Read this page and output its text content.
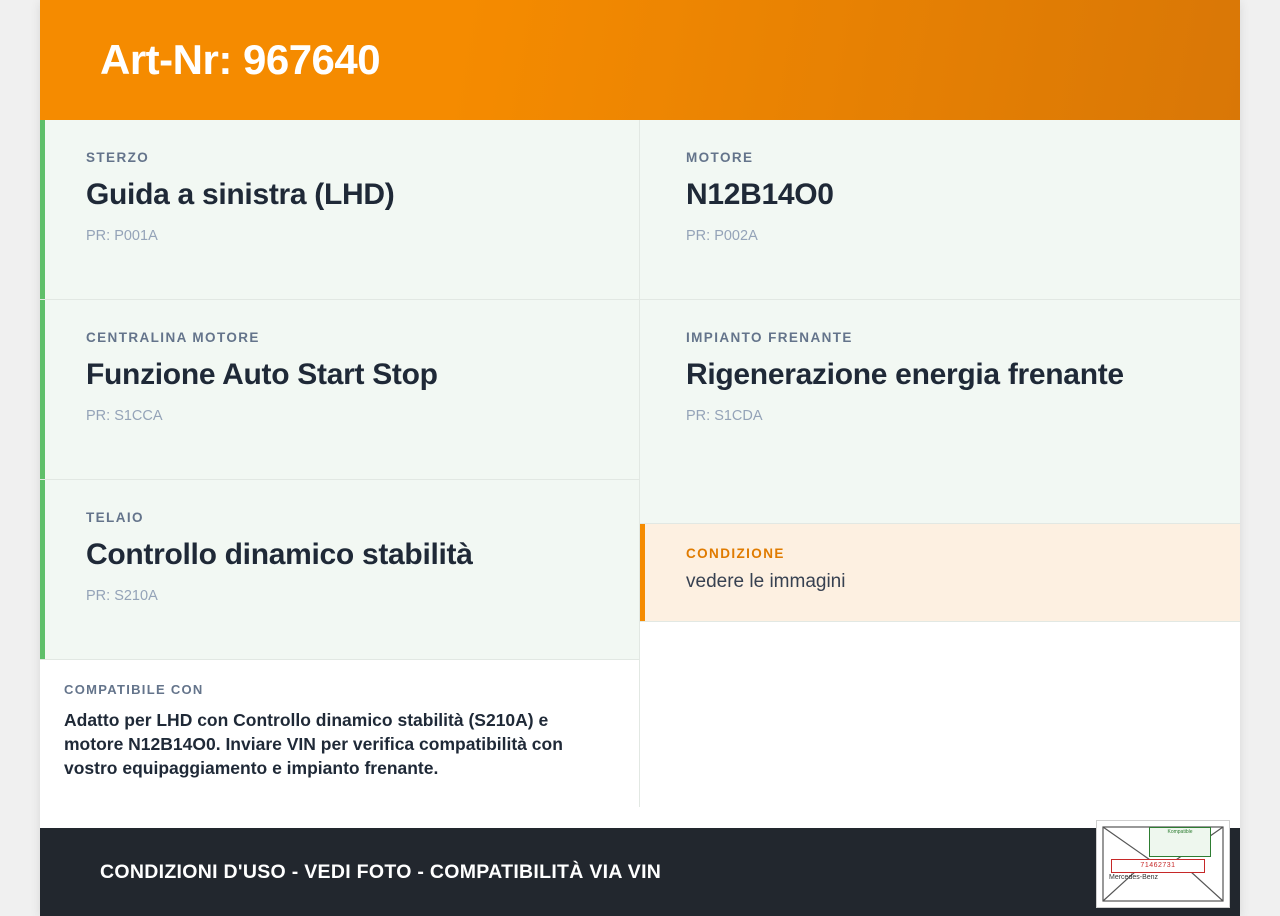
Art-Nr: 967640
STERZO
Guida a sinistra (LHD)
PR: P001A
CENTRALINA MOTORE
Funzione Auto Start Stop
PR: S1CCA
TELAIO
Controllo dinamico stabilità
PR: S210A
MOTORE
N12B14O0
PR: P002A
IMPIANTO FRENANTE
Rigenerazione energia frenante
PR: S1CDA
CONDIZIONE
vedere le immagini
COMPATIBILE CON
Adatto per LHD con Controllo dinamico stabilità (S210A) e motore N12B14O0. Inviare VIN per verifica compatibilità con vostro equipaggiamento e impianto frenante.
CONDIZIONI D'USO - VEDI FOTO - COMPATIBILITÀ VIA VIN
Kompatible
71462731
Mercedes-Benz
